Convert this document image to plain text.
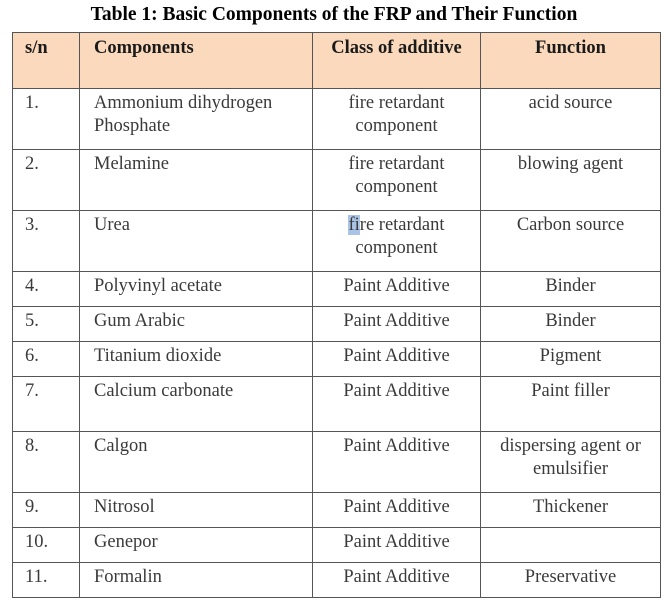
Table 1: Basic Components of the FRP and Their Function
s/n	Components	Class of additive	Function
1.	Ammonium dihydrogen Phosphate	fire retardant component	acid source
2.	Melamine	fire retardant component	blowing agent
3.	Urea	fire retardant component	Carbon source
4.	Polyvinyl acetate	Paint Additive	Binder
5.	Gum Arabic	Paint Additive	Binder
6.	Titanium dioxide	Paint Additive	Pigment
7.	Calcium carbonate	Paint Additive	Paint filler
8.	Calgon	Paint Additive	dispersing agent or emulsifier
9.	Nitrosol	Paint Additive	Thickener
10.	Genepor	Paint Additive	
11.	Formalin	Paint Additive	Preservative
